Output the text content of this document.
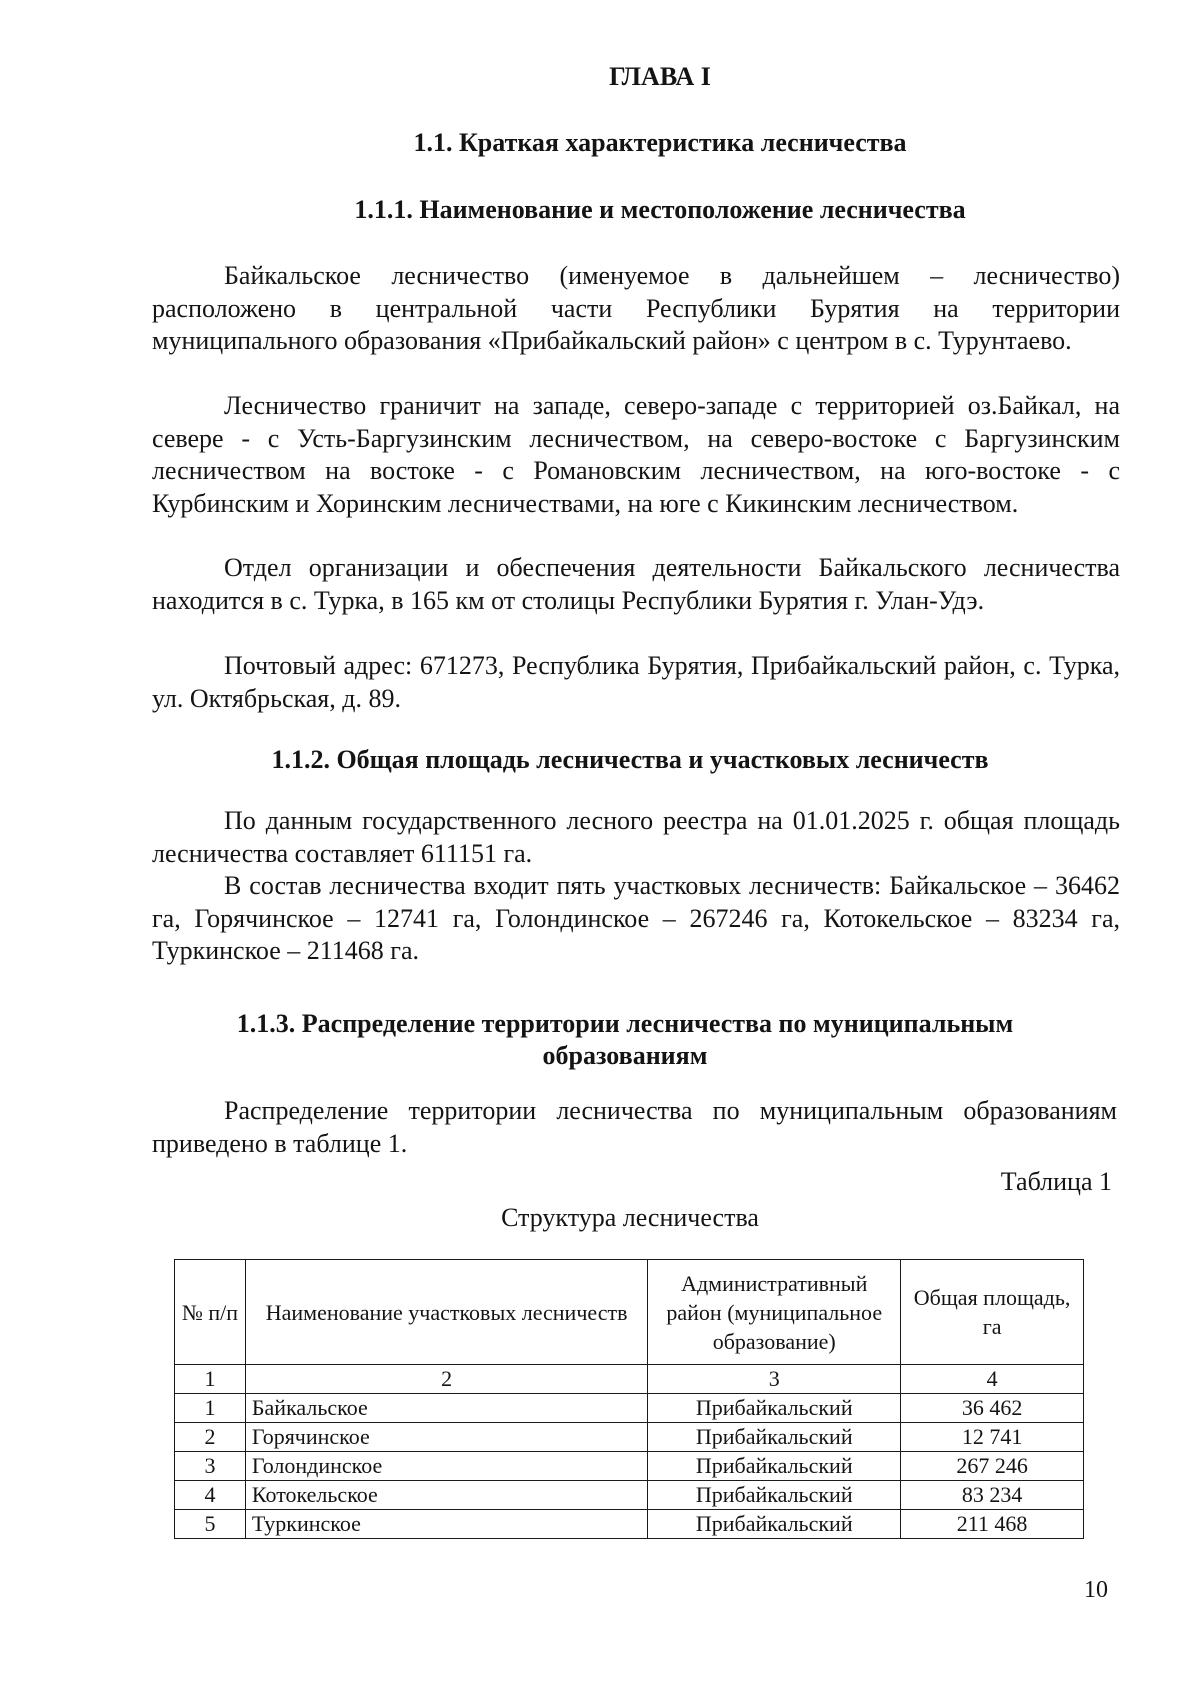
ГЛАВА I
1.1. Краткая характеристика лесничества
1.1.1. Наименование и местоположение лесничества

Байкальское лесничество (именуемое в дальнейшем – лесничество) расположено в центральной части Республики Бурятия на территории муниципального образования «Прибайкальский район» с центром в с. Турунтаево.

Лесничество граничит на западе, северо-западе с территорией оз.Байкал, на севере - с Усть-Баргузинским лесничеством, на северо-востоке с Баргузинским лесничеством на востоке - с Романовским лесничеством, на юго-востоке - с Курбинским и Хоринским лесничествами, на юге с Кикинским лесничеством.

Отдел организации и обеспечения деятельности Байкальского лесничества находится в с. Турка, в 165 км от столицы Республики Бурятия г. Улан-Удэ.

Почтовый адрес: 671273, Республика Бурятия, Прибайкальский район, с. Турка, ул. Октябрьская, д. 89.

1.1.2. Общая площадь лесничества и участковых лесничеств

По данным государственного лесного реестра на 01.01.2025 г. общая площадь лесничества составляет 611151 га.

В состав лесничества входит пять участковых лесничеств: Байкальское – 36462 га, Горячинское – 12741 га, Голондинское – 267246 га, Котокельское – 83234 га, Туркинское – 211468 га.

1.1.3. Распределение территории лесничества по муниципальным
образованиям

Распределение территории лесничества по муниципальным образованиям приведено в таблице 1.

Таблица 1

Структура лесничества

№ п/п	Наименование участковых лесничеств	Административный район (муниципальное образование)	Общая площадь, га
1	2	3	4
1	Байкальское	Прибайкальский	36 462
2	Горячинское	Прибайкальский	12 741
3	Голондинское	Прибайкальский	267 246
4	Котокельское	Прибайкальский	83 234
5	Туркинское	Прибайкальский	211 468

10
